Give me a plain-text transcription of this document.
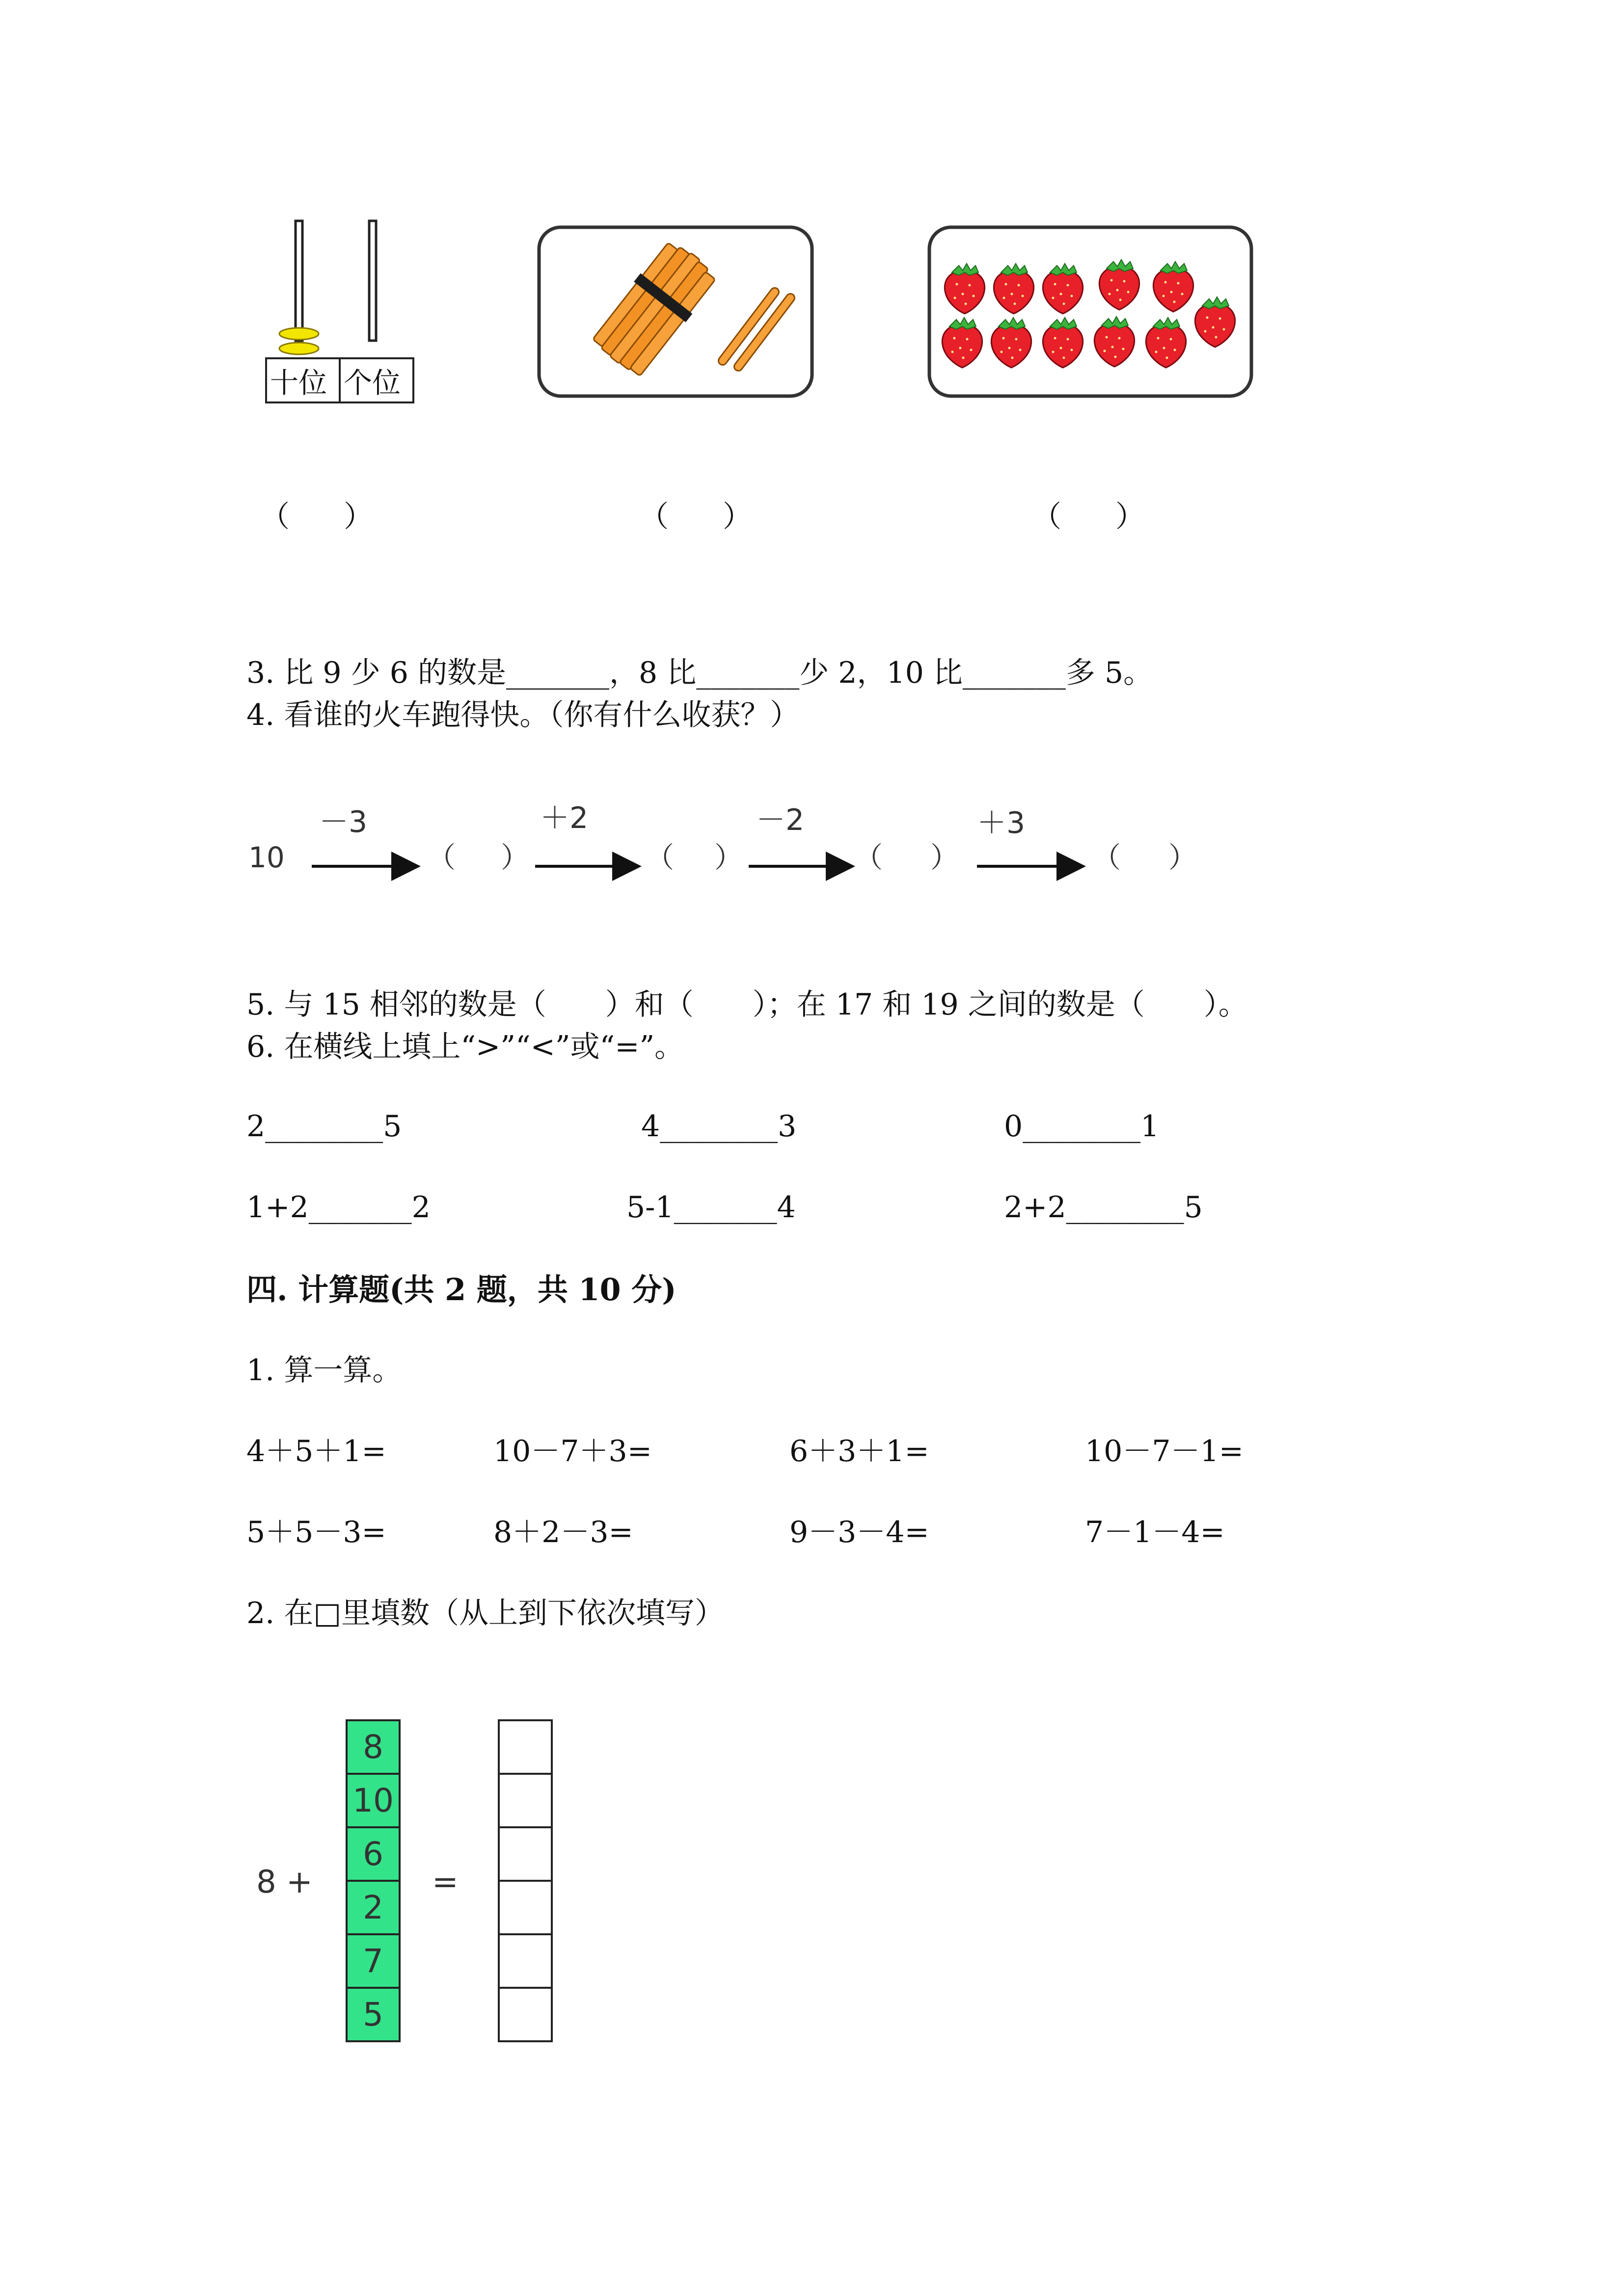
十位 个位
（ ）	（ ）	（ ）
3. 比 9 少 6 的数是_______，8 比_______少 2，10 比_______多 5。
4. 看谁的火车跑得快。（你有什么收获？）
10
－3
（ ）
＋2
（ ）
－2
（ ）
＋3
（ ）
5. 与 15 相邻的数是（　　）和（　　）；在 17 和 19 之间的数是（　　）。
6. 在横线上填上“>”“<”或“=”。
2________5	4________3	0________1
1+2_______2	5-1_______4	2+2________5
四. 计算题(共 2 题，共 10 分)
1. 算一算。
4＋5＋1=	10－7＋3=	6＋3＋1=	10－7－1=
5＋5－3=	8＋2－3=	9－3－4=	7－1－4=
2. 在□里填数（从上到下依次填写）
8 +	=
8
10
6
2
7
5
